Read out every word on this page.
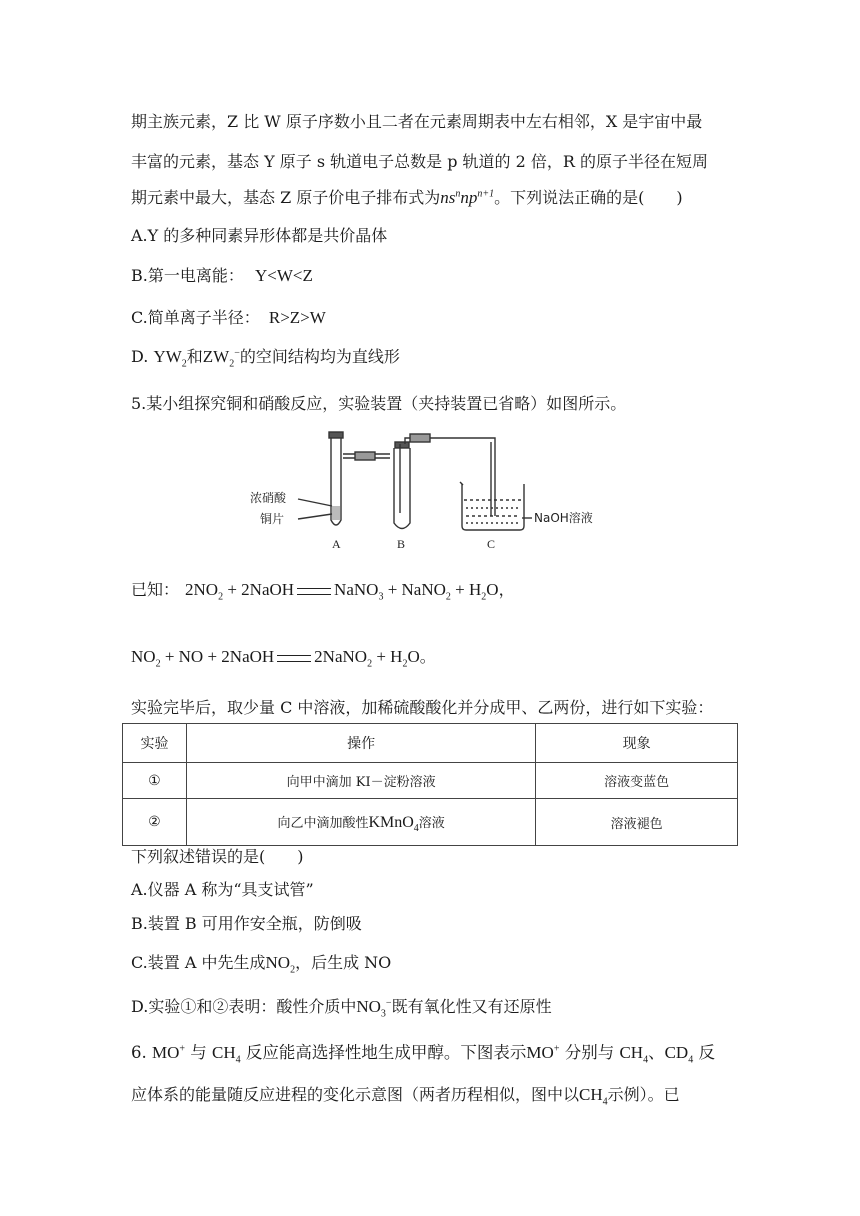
期主族元素，Z 比 W 原子序数小且二者在元素周期表中左右相邻，X 是宇宙中最
丰富的元素，基态 Y 原子 s 轨道电子总数是 p 轨道的 2 倍，R 的原子半径在短周
期元素中最大，基态 Z 原子价电子排布式为$ns^nnp^{n+1}$。下列说法正确的是(　　)
A.Y 的多种同素异形体都是共价晶体
B.第一电离能： Y<W<Z
C.简单离子半径： R>Z>W
D. $YW_2$和$ZW_2^-$的空间结构均为直线形
5.某小组探究铜和硝酸反应，实验装置（夹持装置已省略）如图所示。
浓硝酸
铜片	NaOH溶液
A	B	C
已知： $2NO_2$ + 2NaOH NaNO$_3$ + NaNO$_2$ + $H_2O$，
$NO_2$ + NO + 2NaOH 2NaNO$_2$ + $H_2O$。
实验完毕后，取少量 C 中溶液，加稀硫酸酸化并分成甲、乙两份，进行如下实验：
实验	操作	现象
①	向甲中滴加 KI－淀粉溶液	溶液变蓝色
②	向乙中滴加酸性KMnO$_4$溶液	溶液褪色
下列叙述错误的是(　　)
A.仪器 A 称为“具支试管”
B.装置 B 可用作安全瓶，防倒吸
C.装置 A 中先生成$NO_2$，后生成 NO
D.实验①和②表明：酸性介质中$NO_3^-$既有氧化性又有还原性
6. MO+ 与 $CH_4$ 反应能高选择性地生成甲醇。下图表示MO+ 分别与 $CH_4$、$CD_4$ 反
应体系的能量随反应进程的变化示意图（两者历程相似，图中以$CH_4$示例）。已
